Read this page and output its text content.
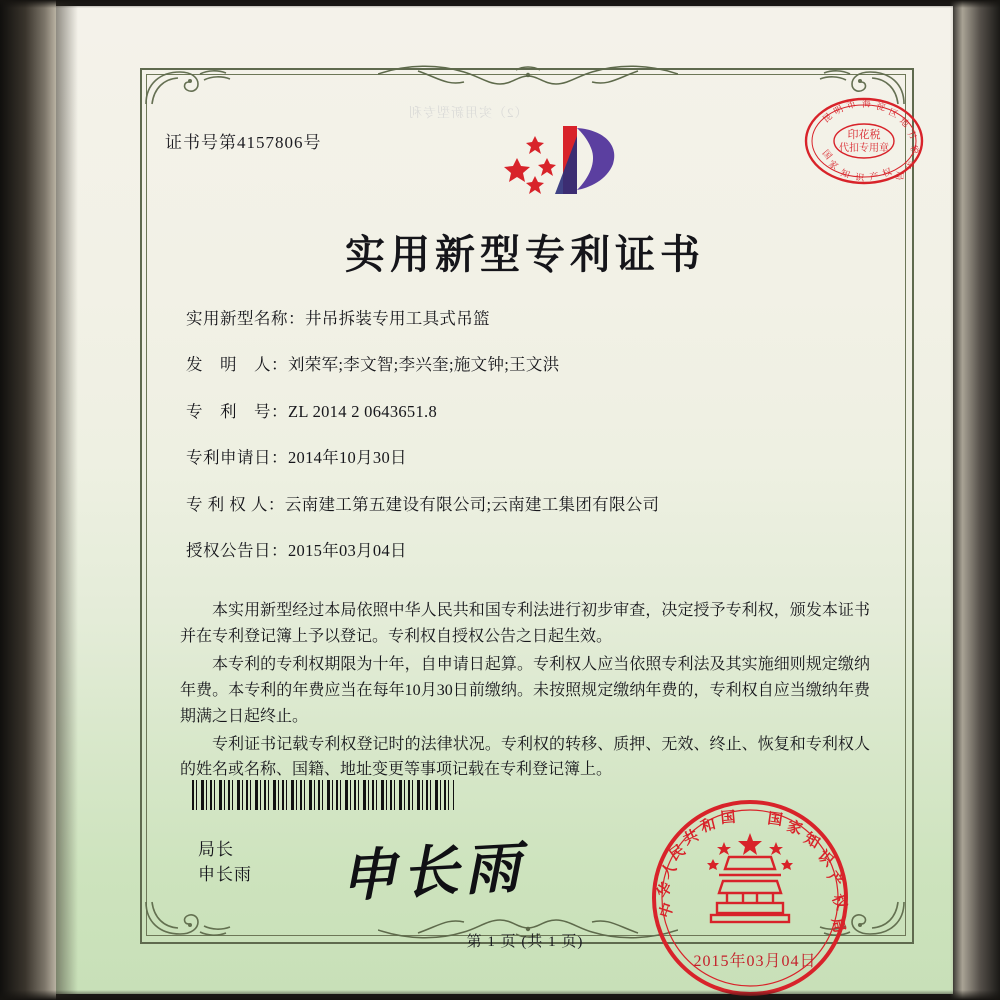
（2）实用新型专利
证书号第4157806号
实用新型专利证书
实用新型名称：井吊拆装专用工具式吊篮
发　明　人：刘荣军;李文智;李兴奎;施文钟;王文洪
专　利　号：ZL 2014 2 0643651.8
专利申请日：2014年10月30日
专 利 权 人：云南建工第五建设有限公司;云南建工集团有限公司
授权公告日：2015年03月04日

本实用新型经过本局依照中华人民共和国专利法进行初步审查，决定授予专利权，颁发本证书并在专利登记簿上予以登记。专利权自授权公告之日起生效。

本专利的专利权期限为十年，自申请日起算。专利权人应当依照专利法及其实施细则规定缴纳年费。本专利的年费应当在每年10月30日前缴纳。未按照规定缴纳年费的，专利权自应当缴纳年费期满之日起终止。

专利证书记载专利权登记时的法律状况。专利权的转移、质押、无效、终止、恢复和专利权人的姓名或名称、国籍、地址变更等事项记载在专利登记簿上。

局长
申长雨 申长雨
印花税
代扣专用章
昆
明 市 海 淀 区
地
方
税
务
局
国
家
知 识 产 权
中
华
人
民
共
和 国 国 家
知
识
产
权
局
2015年03月04日
第 1 页 (共 1 页)
